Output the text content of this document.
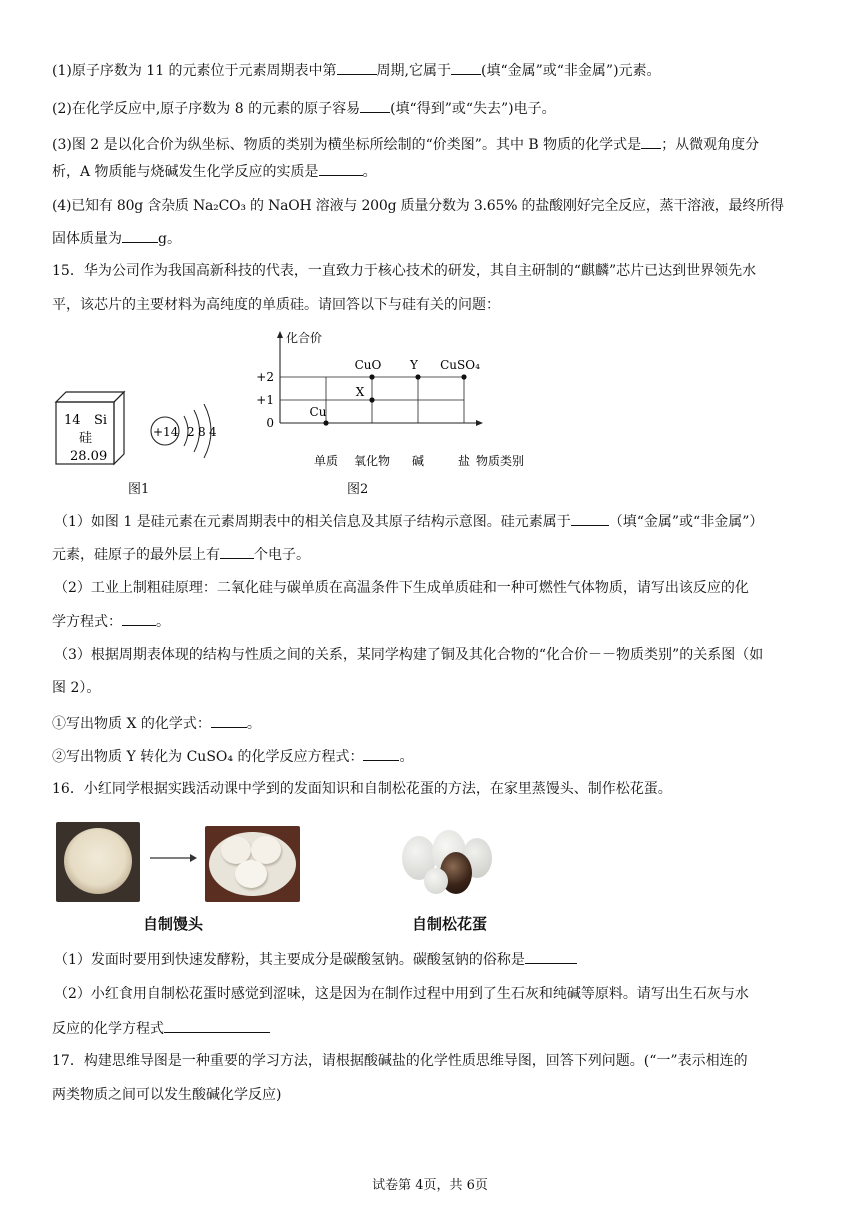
(1)原子序数为 11 的元素位于元素周期表中第	周期,它属于 (填“金属”或“非金属”)元素。
(2)在化学反应中,原子序数为 8 的元素的原子容易 (填“得到”或“失去”)电子。
(3)图 2 是以化合价为纵坐标、物质的类别为横坐标所绘制的“价类图”。其中 B 物质的化学式是 ；从微观角度分
析，A 物质能与烧碱发生化学反应的实质是	。
(4)已知有 80g 含杂质 Na₂CO₃ 的 NaOH 溶液与 200g 质量分数为 3.65% 的盐酸刚好完全反应，蒸干溶液，最终所得
固体质量为	g。
15．华为公司作为我国高新科技的代表，一直致力于核心技术的研发，其自主研制的“麒麟”芯片已达到世界领先水
平，该芯片的主要材料为高纯度的单质硅。请回答以下与硅有关的问题：
14 Si
硅
28.09
+14 2 8 4
图1
化合价
物质类别
单质 氧化物 碱	盐
+2
+1
0
Cu
CuO
X
Y CuSO₄
图2
（1）如图 1 是硅元素在元素周期表中的相关信息及其原子结构示意图。硅元素属于	（填“金属”或“非金属”）
元素，硅原子的最外层上有 个电子。
（2）工业上制粗硅原理：二氧化硅与碳单质在高温条件下生成单质硅和一种可燃性气体物质，请写出该反应的化
学方程式： 。
（3）根据周期表体现的结构与性质之间的关系，某同学构建了铜及其化合物的“化合价－－物质类别”的关系图（如
图 2）。
①写出物质 X 的化学式：	。
②写出物质 Y 转化为 CuSO₄ 的化学反应方程式：	。
16．小红同学根据实践活动课中学到的发面知识和自制松花蛋的方法，在家里蒸馒头、制作松花蛋。
自制馒头	自制松花蛋
（1）发面时要用到快速发酵粉，其主要成分是碳酸氢钠。碳酸氢钠的俗称是
（2）小红食用自制松花蛋时感觉到涩味，这是因为在制作过程中用到了生石灰和纯碱等原料。请写出生石灰与水
反应的化学方程式
17．构建思维导图是一种重要的学习方法，请根据酸碱盐的化学性质思维导图，回答下列问题。(“一”表示相连的
两类物质之间可以发生酸碱化学反应)
试卷第 4页，共 6页
